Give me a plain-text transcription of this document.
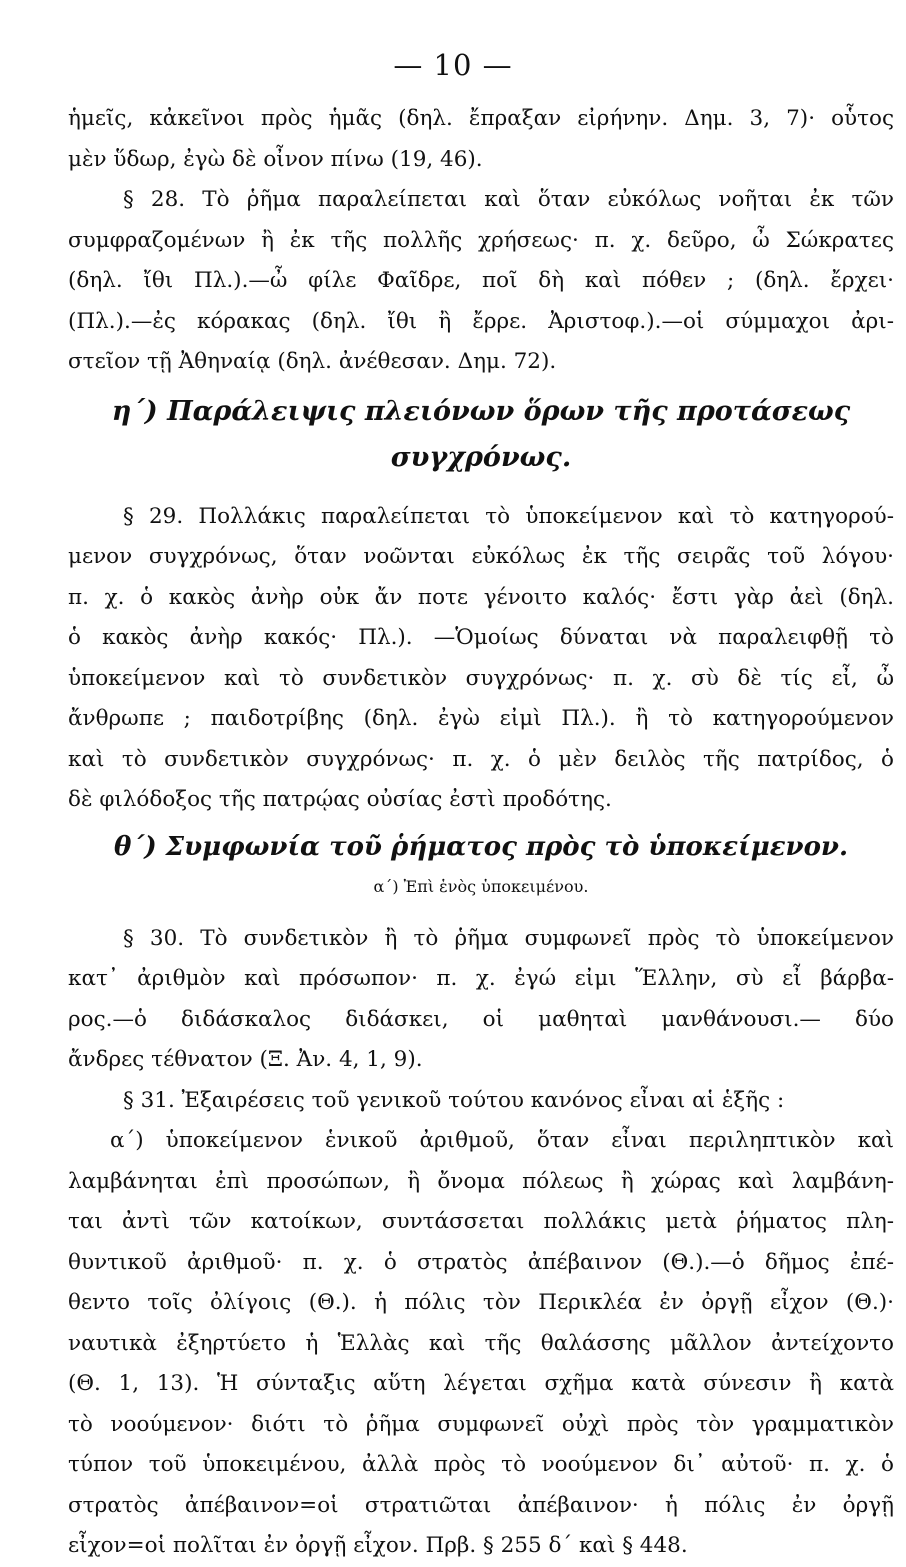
— 10 —
ἡμεῖς, κἀκεῖνοι πρὸς ἡμᾶς (δηλ. ἔπραξαν εἰρήνην. Δημ. 3, 7)· οὗτος
μὲν ὕδωρ, ἐγὼ δὲ οἶνον πίνω (19, 46).
§ 28. Τὸ ῥῆμα παραλείπεται καὶ ὅταν εὐκόλως νοῆται ἐκ τῶν
συμφραζομένων ἢ ἐκ τῆς πολλῆς χρήσεως· π. χ. δεῦρο, ὦ Σώκρατες
(δηλ. ἴθι Πλ.).—ὦ φίλε Φαῖδρε, ποῖ δὴ καὶ πόθεν ; (δηλ. ἔρχει·
(Πλ.).—ἐς κόρακας (δηλ. ἴθι ἢ ἔρρε. Ἀριστοφ.).—οἱ σύμμαχοι ἀρι-
στεῖον τῇ Ἀθηναίᾳ (δηλ. ἀνέθεσαν. Δημ. 72).
η΄) Παράλειψις πλειόνων ὅρων τῆς προτάσεως
συγχρόνως.
§ 29. Πολλάκις παραλείπεται τὸ ὑποκείμενον καὶ τὸ κατηγορού-
μενον συγχρόνως, ὅταν νοῶνται εὐκόλως ἐκ τῆς σειρᾶς τοῦ λόγου·
π. χ. ὁ κακὸς ἀνὴρ οὐκ ἄν ποτε γένοιτο καλός· ἔστι γὰρ ἀεὶ (δηλ.
ὁ κακὸς ἀνὴρ κακός· Πλ.). —Ὁμοίως δύναται νὰ παραλειφθῇ τὸ
ὑποκείμενον καὶ τὸ συνδετικὸν συγχρόνως· π. χ. σὺ δὲ τίς εἶ, ὦ
ἄνθρωπε ; παιδοτρίβης (δηλ. ἐγὼ εἰμὶ Πλ.). ἢ τὸ κατηγορούμενον
καὶ τὸ συνδετικὸν συγχρόνως· π. χ. ὁ μὲν δειλὸς τῆς πατρίδος, ὁ
δὲ φιλόδοξος τῆς πατρῴας οὐσίας ἐστὶ προδότης.
θ΄) Συμφωνία τοῦ ῥήματος πρὸς τὸ ὑποκείμενον.
α΄) Ἐπὶ ἑνὸς ὑποκειμένου.
§ 30. Τὸ συνδετικὸν ἢ τὸ ῥῆμα συμφωνεῖ πρὸς τὸ ὑποκείμενον
κατ᾽ ἀριθμὸν καὶ πρόσωπον· π. χ. ἐγώ εἰμι Ἕλλην, σὺ εἶ βάρβα-
ρος.—ὁ διδάσκαλος διδάσκει, οἱ μαθηταὶ μανθάνουσι.— δύο
ἄνδρες τέθνατον (Ξ. Ἀν. 4, 1, 9).
§ 31. Ἐξαιρέσεις τοῦ γενικοῦ τούτου κανόνος εἶναι αἱ ἑξῆς :
α΄) ὑποκείμενον ἑνικοῦ ἀριθμοῦ, ὅταν εἶναι περιληπτικὸν καὶ
λαμβάνηται ἐπὶ προσώπων, ἢ ὄνομα πόλεως ἢ χώρας καὶ λαμβάνη-
ται ἀντὶ τῶν κατοίκων, συντάσσεται πολλάκις μετὰ ῥήματος πλη-
θυντικοῦ ἀριθμοῦ· π. χ. ὁ στρατὸς ἀπέβαινον (Θ.).—ὁ δῆμος ἐπέ-
θεντο τοῖς ὀλίγοις (Θ.). ἡ πόλις τὸν Περικλέα ἐν ὀργῇ εἶχον (Θ.)·
ναυτικὰ ἐξηρτύετο ἡ Ἑλλὰς καὶ τῆς θαλάσσης μᾶλλον ἀντείχοντο
(Θ. 1, 13). Ἡ σύνταξις αὕτη λέγεται σχῆμα κατὰ σύνεσιν ἢ κατὰ
τὸ νοούμενον· διότι τὸ ῥῆμα συμφωνεῖ οὐχὶ πρὸς τὸν γραμματικὸν
τύπον τοῦ ὑποκειμένου, ἀλλὰ πρὸς τὸ νοούμενον δι᾽ αὐτοῦ· π. χ. ὁ
στρατὸς ἀπέβαινον=οἱ στρατιῶται ἀπέβαινον· ἡ πόλις ἐν ὀργῇ
εἶχον=οἱ πολῖται ἐν ὀργῇ εἶχον. Πρβ. § 255 δ΄ καὶ § 448.
